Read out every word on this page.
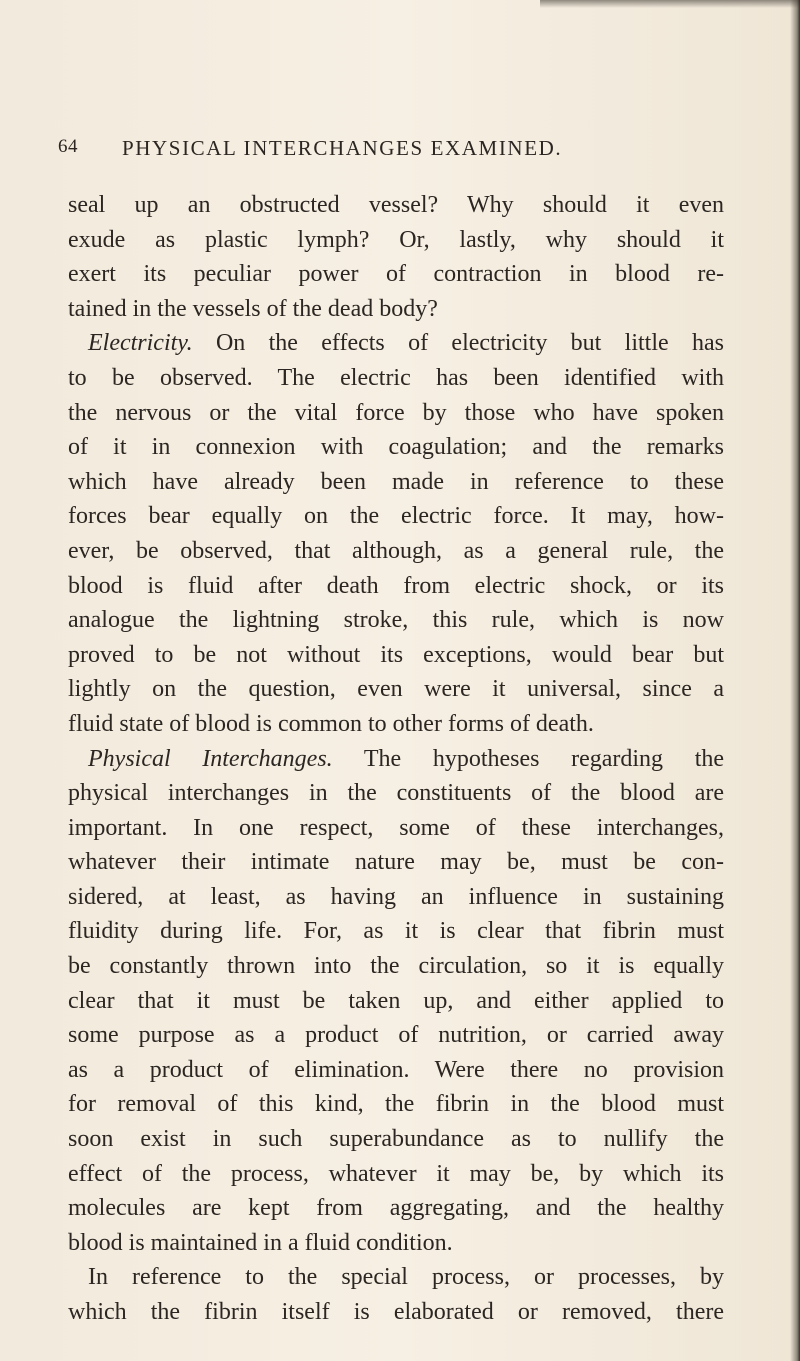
64 PHYSICAL INTERCHANGES EXAMINED.
seal up an obstructed vessel? Why should it even
exude as plastic lymph? Or, lastly, why should it
exert its peculiar power of contraction in blood re-
tained in the vessels of the dead body?
Electricity. On the effects of electricity but little has
to be observed. The electric has been identified with
the nervous or the vital force by those who have spoken
of it in connexion with coagulation; and the remarks
which have already been made in reference to these
forces bear equally on the electric force. It may, how-
ever, be observed, that although, as a general rule, the
blood is fluid after death from electric shock, or its
analogue the lightning stroke, this rule, which is now
proved to be not without its exceptions, would bear but
lightly on the question, even were it universal, since a
fluid state of blood is common to other forms of death.
Physical Interchanges. The hypotheses regarding the
physical interchanges in the constituents of the blood are
important. In one respect, some of these interchanges,
whatever their intimate nature may be, must be con-
sidered, at least, as having an influence in sustaining
fluidity during life. For, as it is clear that fibrin must
be constantly thrown into the circulation, so it is equally
clear that it must be taken up, and either applied to
some purpose as a product of nutrition, or carried away
as a product of elimination. Were there no provision
for removal of this kind, the fibrin in the blood must
soon exist in such superabundance as to nullify the
effect of the process, whatever it may be, by which its
molecules are kept from aggregating, and the healthy
blood is maintained in a fluid condition.
In reference to the special process, or processes, by
which the fibrin itself is elaborated or removed, there
